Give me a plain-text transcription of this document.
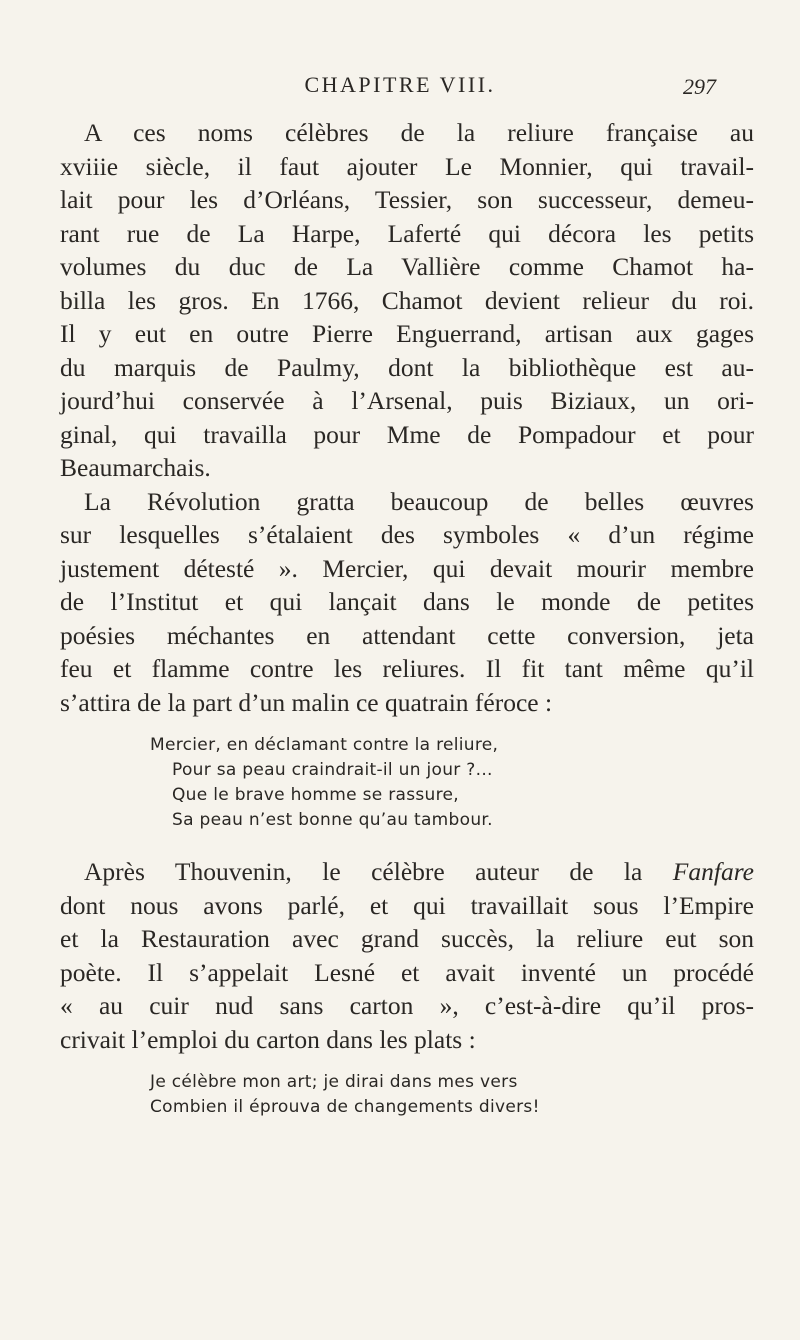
CHAPITRE VIII.	297
A ces noms célèbres de la reliure française au
xviiie siècle, il faut ajouter Le Monnier, qui travail-
lait pour les d’Orléans, Tessier, son successeur, demeu-
rant rue de La Harpe, Laferté qui décora les petits
volumes du duc de La Vallière comme Chamot ha-
billa les gros. En 1766, Chamot devient relieur du roi.
Il y eut en outre Pierre Enguerrand, artisan aux gages
du marquis de Paulmy, dont la bibliothèque est au-
jourd’hui conservée à l’Arsenal, puis Biziaux, un ori-
ginal, qui travailla pour Mme de Pompadour et pour
Beaumarchais.
La Révolution gratta beaucoup de belles œuvres
sur lesquelles s’étalaient des symboles « d’un régime
justement détesté ». Mercier, qui devait mourir membre
de l’Institut et qui lançait dans le monde de petites
poésies méchantes en attendant cette conversion, jeta
feu et flamme contre les reliures. Il fit tant même qu’il
s’attira de la part d’un malin ce quatrain féroce :
Mercier, en déclamant contre la reliure,
Pour sa peau craindrait-il un jour ?...
Que le brave homme se rassure,
Sa peau n’est bonne qu’au tambour.
Après Thouvenin, le célèbre auteur de la Fanfare
dont nous avons parlé, et qui travaillait sous l’Empire
et la Restauration avec grand succès, la reliure eut son
poète. Il s’appelait Lesné et avait inventé un procédé
« au cuir nud sans carton », c’est-à-dire qu’il pros-
crivait l’emploi du carton dans les plats :
Je célèbre mon art; je dirai dans mes vers
Combien il éprouva de changements divers!
